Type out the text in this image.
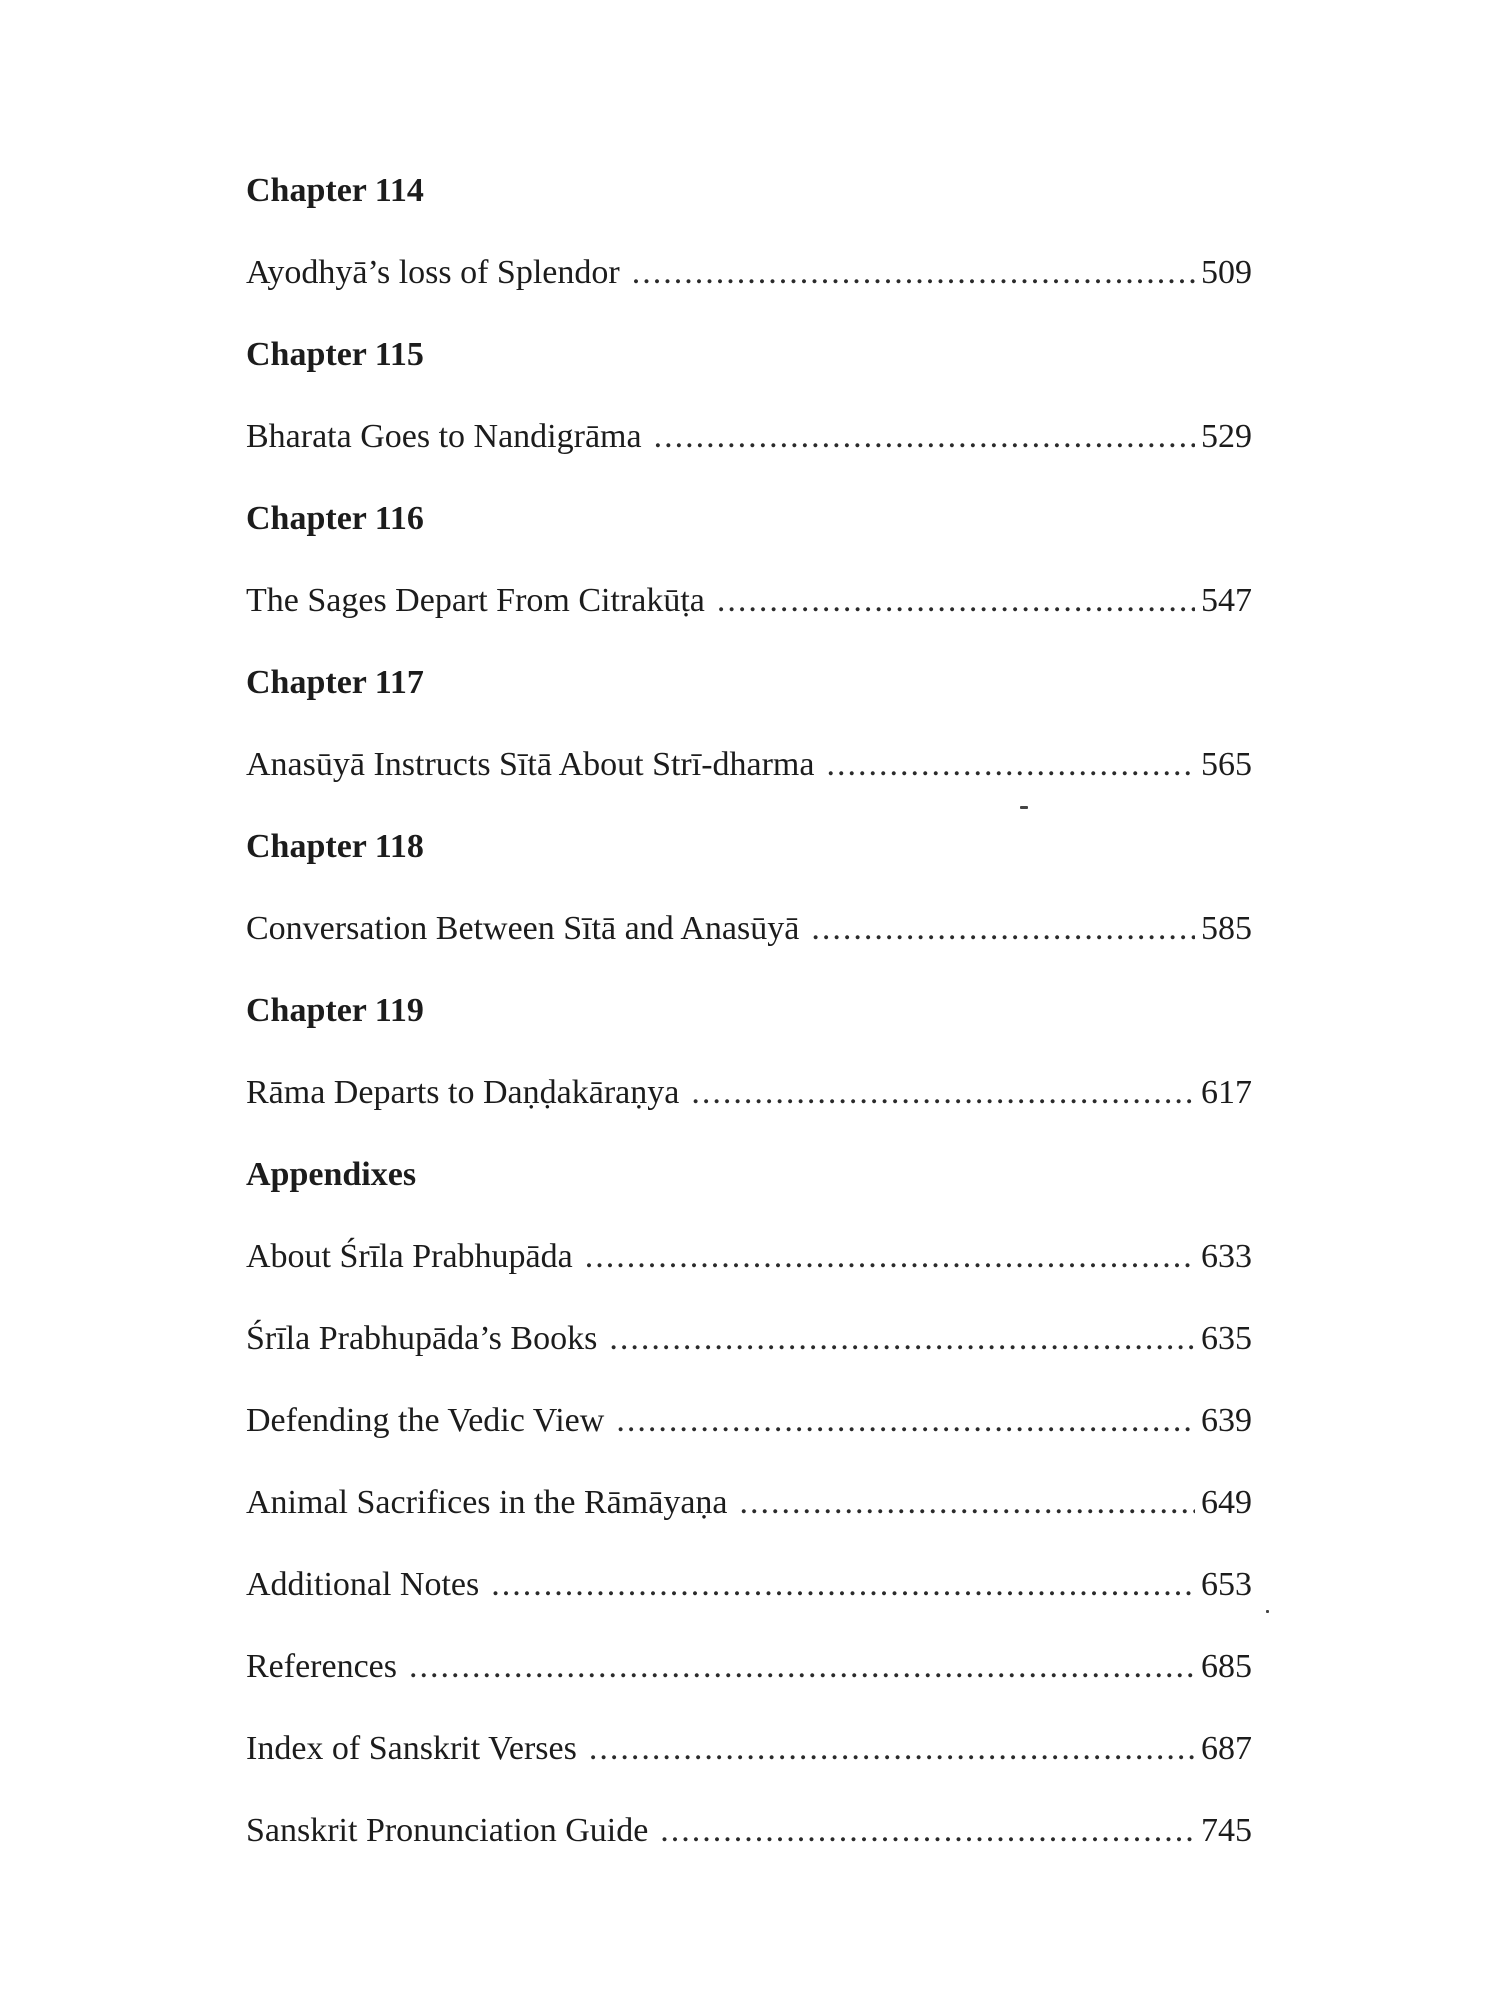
Chapter 114
Ayodhyā’s loss of Splendor .....	509
Chapter 115
Bharata Goes to Nandigrāma .....	529
Chapter 116
The Sages Depart From Citrakūṭa .....	547
Chapter 117
Anasūyā Instructs Sītā About Strī-dharma .....	565
Chapter 118
Conversation Between Sītā and Anasūyā .....	585
Chapter 119
Rāma Departs to Daṇḍakāraṇya .....	617
Appendixes
About Śrīla Prabhupāda .....	633
Śrīla Prabhupāda’s Books .....	635
Defending the Vedic View .....	639
Animal Sacrifices in the Rāmāyaṇa .....	649
Additional Notes .....	653
References .....	685
Index of Sanskrit Verses .....	687
Sanskrit Pronunciation Guide .....	745
